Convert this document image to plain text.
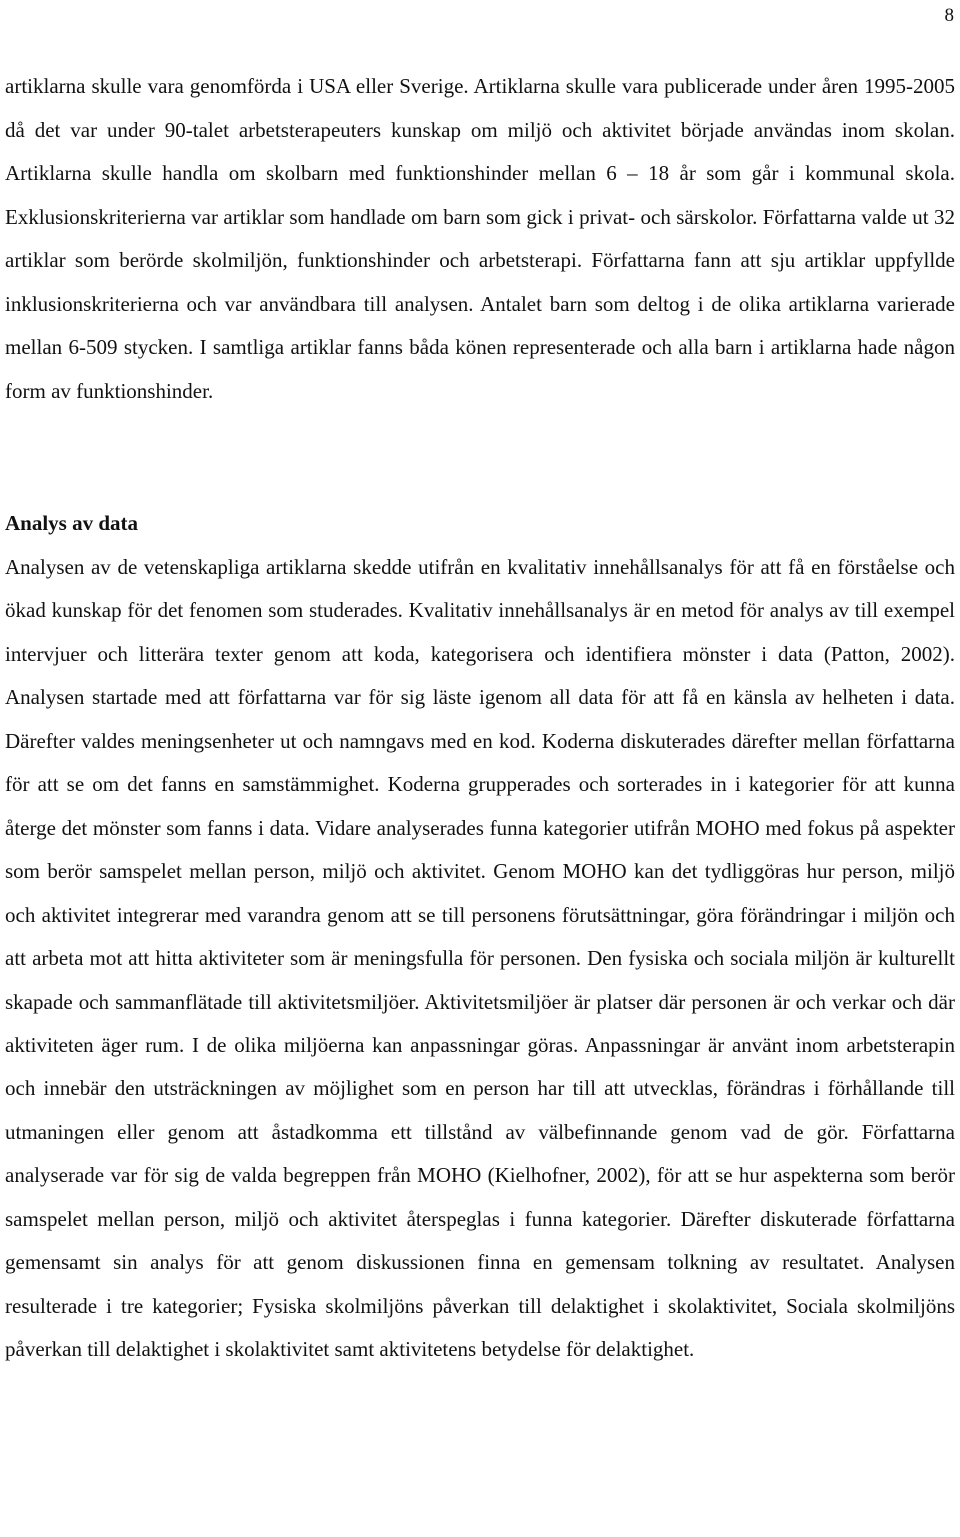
8

artiklarna skulle vara genomförda i USA eller Sverige. Artiklarna skulle vara publicerade under åren 1995-2005 då det var under 90-talet arbetsterapeuters kunskap om miljö och aktivitet började användas inom skolan. Artiklarna skulle handla om skolbarn med funktionshinder mellan 6 – 18 år som går i kommunal skola. Exklusionskriterierna var artiklar som handlade om barn som gick i privat- och särskolor. Författarna valde ut 32 artiklar som berörde skolmiljön, funktionshinder och arbetsterapi. Författarna fann att sju artiklar uppfyllde inklusionskriterierna och var användbara till analysen. Antalet barn som deltog i de olika artiklarna varierade mellan 6-509 stycken. I samtliga artiklar fanns båda könen representerade och alla barn i artiklarna hade någon form av funktionshinder.

Analys av data

Analysen av de vetenskapliga artiklarna skedde utifrån en kvalitativ innehållsanalys för att få en förståelse och ökad kunskap för det fenomen som studerades. Kvalitativ innehållsanalys är en metod för analys av till exempel intervjuer och litterära texter genom att koda, kategorisera och identifiera mönster i data (Patton, 2002). Analysen startade med att författarna var för sig läste igenom all data för att få en känsla av helheten i data. Därefter valdes meningsenheter ut och namngavs med en kod. Koderna diskuterades därefter mellan författarna för att se om det fanns en samstämmighet. Koderna grupperades och sorterades in i kategorier för att kunna återge det mönster som fanns i data. Vidare analyserades funna kategorier utifrån MOHO med fokus på aspekter som berör samspelet mellan person, miljö och aktivitet. Genom MOHO kan det tydliggöras hur person, miljö och aktivitet integrerar med varandra genom att se till personens förutsättningar, göra förändringar i miljön och att arbeta mot att hitta aktiviteter som är meningsfulla för personen. Den fysiska och sociala miljön är kulturellt skapade och sammanflätade till aktivitetsmiljöer. Aktivitetsmiljöer är platser där personen är och verkar och där aktiviteten äger rum. I de olika miljöerna kan anpassningar göras. Anpassningar är använt inom arbetsterapin och innebär den utsträckningen av möjlighet som en person har till att utvecklas, förändras i förhållande till utmaningen eller genom att åstadkomma ett tillstånd av välbefinnande genom vad de gör. Författarna analyserade var för sig de valda begreppen från MOHO (Kielhofner, 2002), för att se hur aspekterna som berör samspelet mellan person, miljö och aktivitet återspeglas i funna kategorier. Därefter diskuterade författarna gemensamt sin analys för att genom diskussionen finna en gemensam tolkning av resultatet. Analysen resulterade i tre kategorier; Fysiska skolmiljöns påverkan till delaktighet i skolaktivitet, Sociala skolmiljöns påverkan till delaktighet i skolaktivitet samt aktivitetens betydelse för delaktighet.
